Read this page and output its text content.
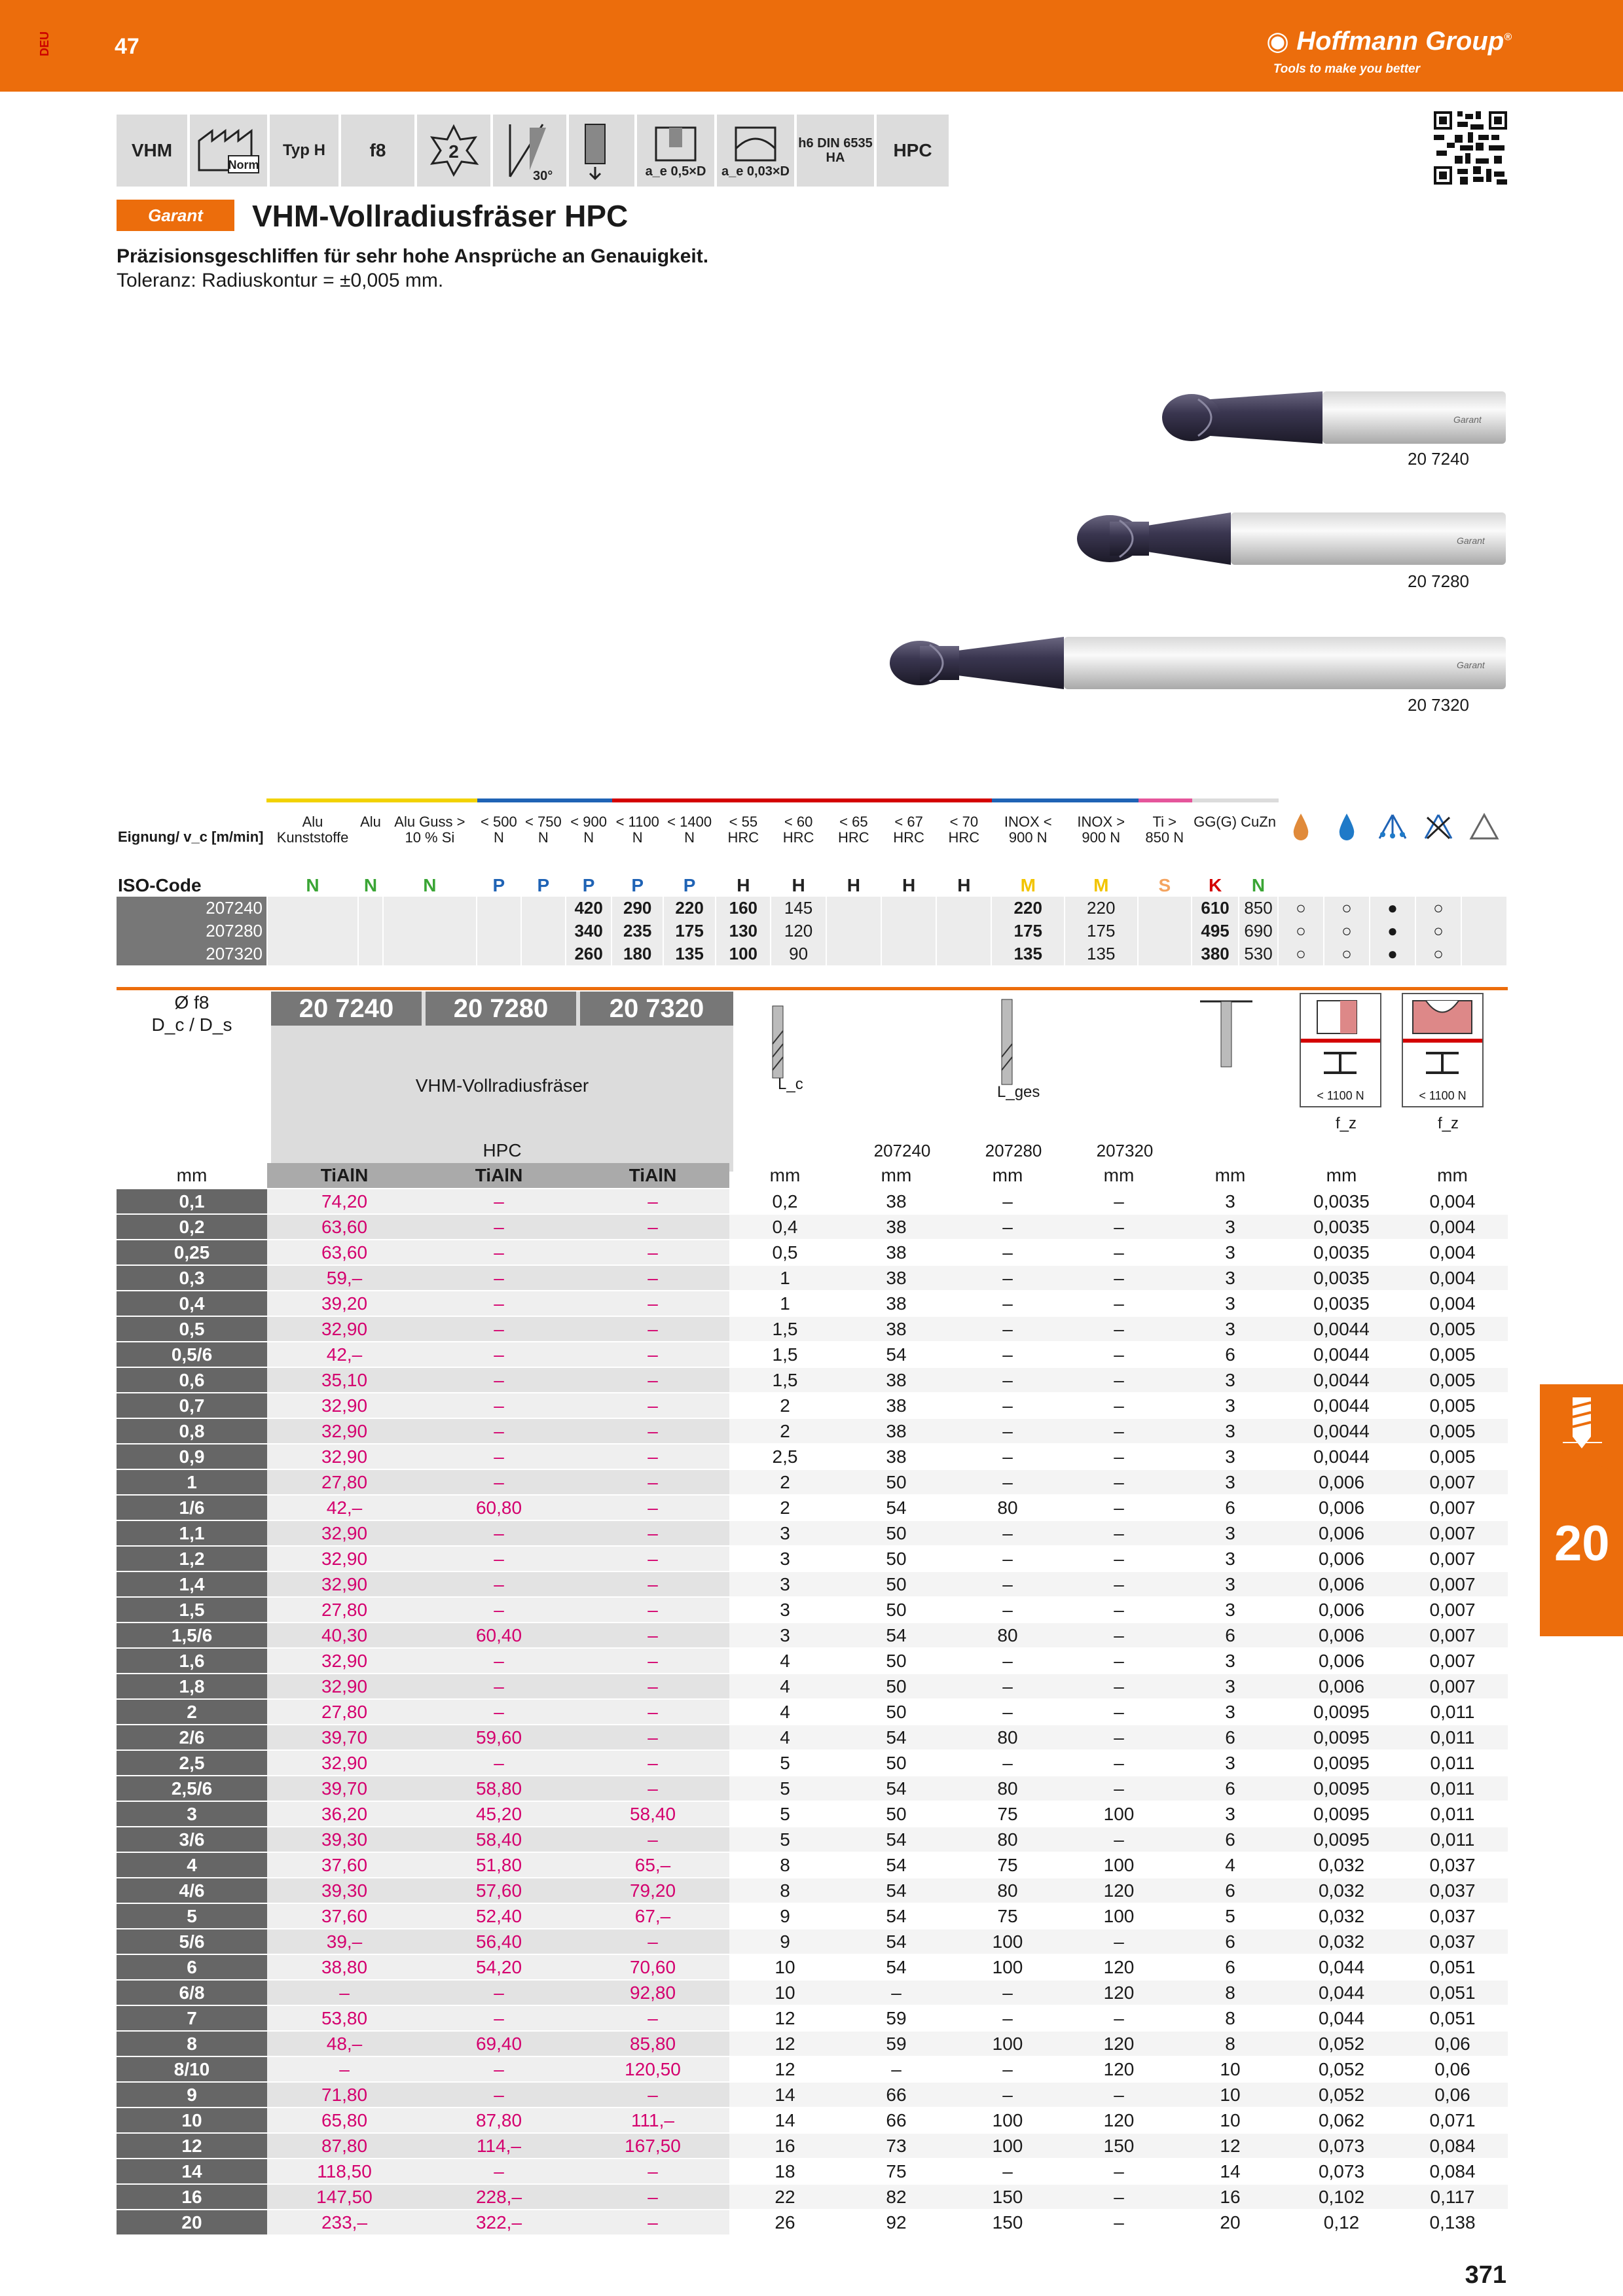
DEU	47	◉ Hoffmann Group®
Tools to make you better
VHM
Norm
Typ H f8	2
30°	a_e 0,5×D a_e 0,03×D
h6 DIN 6535 HA	HPC
Garant VHM-Vollradiusfräser HPC
Präzisionsgeschliffen für sehr hohe Ansprüche an Genauigkeit.
Toleranz: Radiuskontur = ±0,005 mm.
Garant
20 7240
Garant
20 7280
Garant
20 7320
Eignung/ v_c [m/min]	Alu Kunststoffe	Alu	Alu Guss > 10 % Si	< 500 N	< 750 N	< 900 N	< 1100 N	< 1400 N	< 55 HRC	< 60 HRC	< 65 HRC	< 67 HRC	< 70 HRC	INOX < 900 N	INOX > 900 N	Ti > 850 N	GG(G)	CuZn					
ISO-Code	N	N	N	P	P	P	P	P	H	H	H	H	H	M	M	S	K	N					
207240						420	290	220	160	145				220	220		610	850	○	○	●	○	
207280						340	235	175	130	120				175	175		495	690	○	○	●	○	
207320						260	180	135	100	90				135	135		380	530	○	○	●	○	
Ø f8
D_c / D_s
20 7240 20 7280 20 7320
VHM-Vollradiusfräser
HPC
L_c	L_ges	< 1100 N
f_z
< 1100 N
f_z
207240	207280	207320
mm	TiAlN	TiAlN	TiAlN	mm	mm	mm	mm	mm	mm	mm
0,1	74,20	–	–	0,2	38	–	–	3	0,0035	0,004
0,2	63,60	–	–	0,4	38	–	–	3	0,0035	0,004
0,25	63,60	–	–	0,5	38	–	–	3	0,0035	0,004
0,3	59,–	–	–	1	38	–	–	3	0,0035	0,004
0,4	39,20	–	–	1	38	–	–	3	0,0035	0,004
0,5	32,90	–	–	1,5	38	–	–	3	0,0044	0,005
0,5/6	42,–	–	–	1,5	54	–	–	6	0,0044	0,005
0,6	35,10	–	–	1,5	38	–	–	3	0,0044	0,005
0,7	32,90	–	–	2	38	–	–	3	0,0044	0,005
0,8	32,90	–	–	2	38	–	–	3	0,0044	0,005
0,9	32,90	–	–	2,5	38	–	–	3	0,0044	0,005
1	27,80	–	–	2	50	–	–	3	0,006	0,007
1/6	42,–	60,80	–	2	54	80	–	6	0,006	0,007
1,1	32,90	–	–	3	50	–	–	3	0,006	0,007
1,2	32,90	–	–	3	50	–	–	3	0,006	0,007
1,4	32,90	–	–	3	50	–	–	3	0,006	0,007
1,5	27,80	–	–	3	50	–	–	3	0,006	0,007
1,5/6	40,30	60,40	–	3	54	80	–	6	0,006	0,007
1,6	32,90	–	–	4	50	–	–	3	0,006	0,007
1,8	32,90	–	–	4	50	–	–	3	0,006	0,007
2	27,80	–	–	4	50	–	–	3	0,0095	0,011
2/6	39,70	59,60	–	4	54	80	–	6	0,0095	0,011
2,5	32,90	–	–	5	50	–	–	3	0,0095	0,011
2,5/6	39,70	58,80	–	5	54	80	–	6	0,0095	0,011
3	36,20	45,20	58,40	5	50	75	100	3	0,0095	0,011
3/6	39,30	58,40	–	5	54	80	–	6	0,0095	0,011
4	37,60	51,80	65,–	8	54	75	100	4	0,032	0,037
4/6	39,30	57,60	79,20	8	54	80	120	6	0,032	0,037
5	37,60	52,40	67,–	9	54	75	100	5	0,032	0,037
5/6	39,–	56,40	–	9	54	100	–	6	0,032	0,037
6	38,80	54,20	70,60	10	54	100	120	6	0,044	0,051
6/8	–	–	92,80	10	–	–	120	8	0,044	0,051
7	53,80	–	–	12	59	–	–	8	0,044	0,051
8	48,–	69,40	85,80	12	59	100	120	8	0,052	0,06
8/10	–	–	120,50	12	–	–	120	10	0,052	0,06
9	71,80	–	–	14	66	–	–	10	0,052	0,06
10	65,80	87,80	111,–	14	66	100	120	10	0,062	0,071
12	87,80	114,–	167,50	16	73	100	150	12	0,073	0,084
14	118,50	–	–	18	75	–	–	14	0,073	0,084
16	147,50	228,–	–	22	82	150	–	16	0,102	0,117
20	233,–	322,–	–	26	92	150	–	20	0,12	0,138
20
371
